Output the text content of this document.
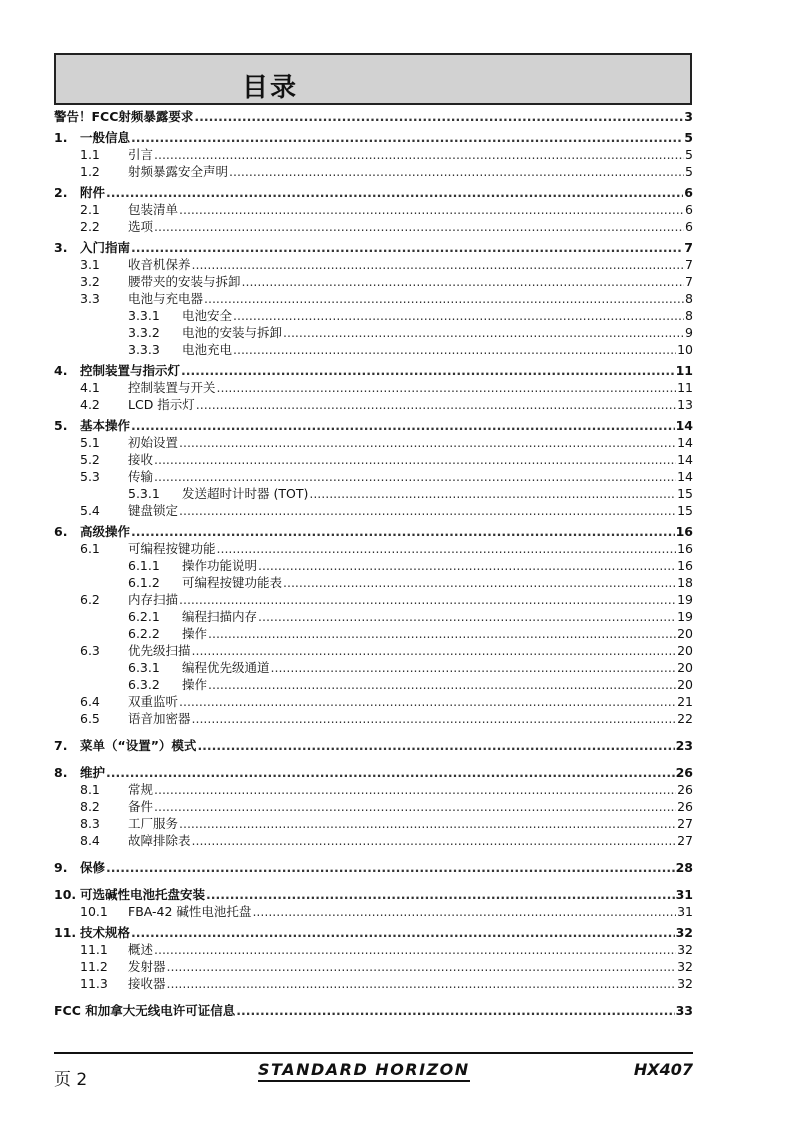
目录
警告！FCC射频暴露要求 .....	3
1.	一般信息 .....	5
1.1	引言 .....	5
1.2	射频暴露安全声明 .....	5
2.	附件 .....	6
2.1	包装清单 .....	6
2.2	选项 .....	6
3.	入门指南 .....	7
3.1	收音机保养 .....	7
3.2	腰带夹的安装与拆卸 .....	7
3.3	电池与充电器 .....	8
3.3.1	电池安全 .....	8
3.3.2	电池的安装与拆卸 .....	9
3.3.3	电池充电 .....	10
4.	控制装置与指示灯 .....	11
4.1	控制装置与开关 .....	11
4.2	LCD 指示灯 .....	13
5.	基本操作 .....	14
5.1	初始设置 .....	14
5.2	接收 .....	14
5.3	传输 .....	14
5.3.1	发送超时计时器 (TOT) .....	15
5.4	键盘锁定 .....	15
6.	高级操作 .....	16
6.1	可编程按键功能 .....	16
6.1.1	操作功能说明 .....	16
6.1.2	可编程按键功能表 .....	18
6.2	内存扫描 .....	19
6.2.1	编程扫描内存 .....	19
6.2.2	操作 .....	20
6.3	优先级扫描 .....	20
6.3.1	编程优先级通道 .....	20
6.3.2	操作 .....	20
6.4	双重监听 .....	21
6.5	语音加密器 .....	22
7.	菜单（“设置”）模式 .....	23
8.	维护 .....	26
8.1	常规 .....	26
8.2	备件 .....	26
8.3	工厂服务 .....	27
8.4	故障排除表 .....	27
9.	保修 .....	28
10. 可选碱性电池托盘安装 .....	31
10.1	FBA-42 碱性电池托盘 .....	31
11. 技术规格 .....	32
11.1	概述 .....	32
11.2	发射器 .....	32
11.3	接收器 .....	32
FCC 和加拿大无线电许可证信息 .....	33
页 2
STANDARD HORIZON	HX407
